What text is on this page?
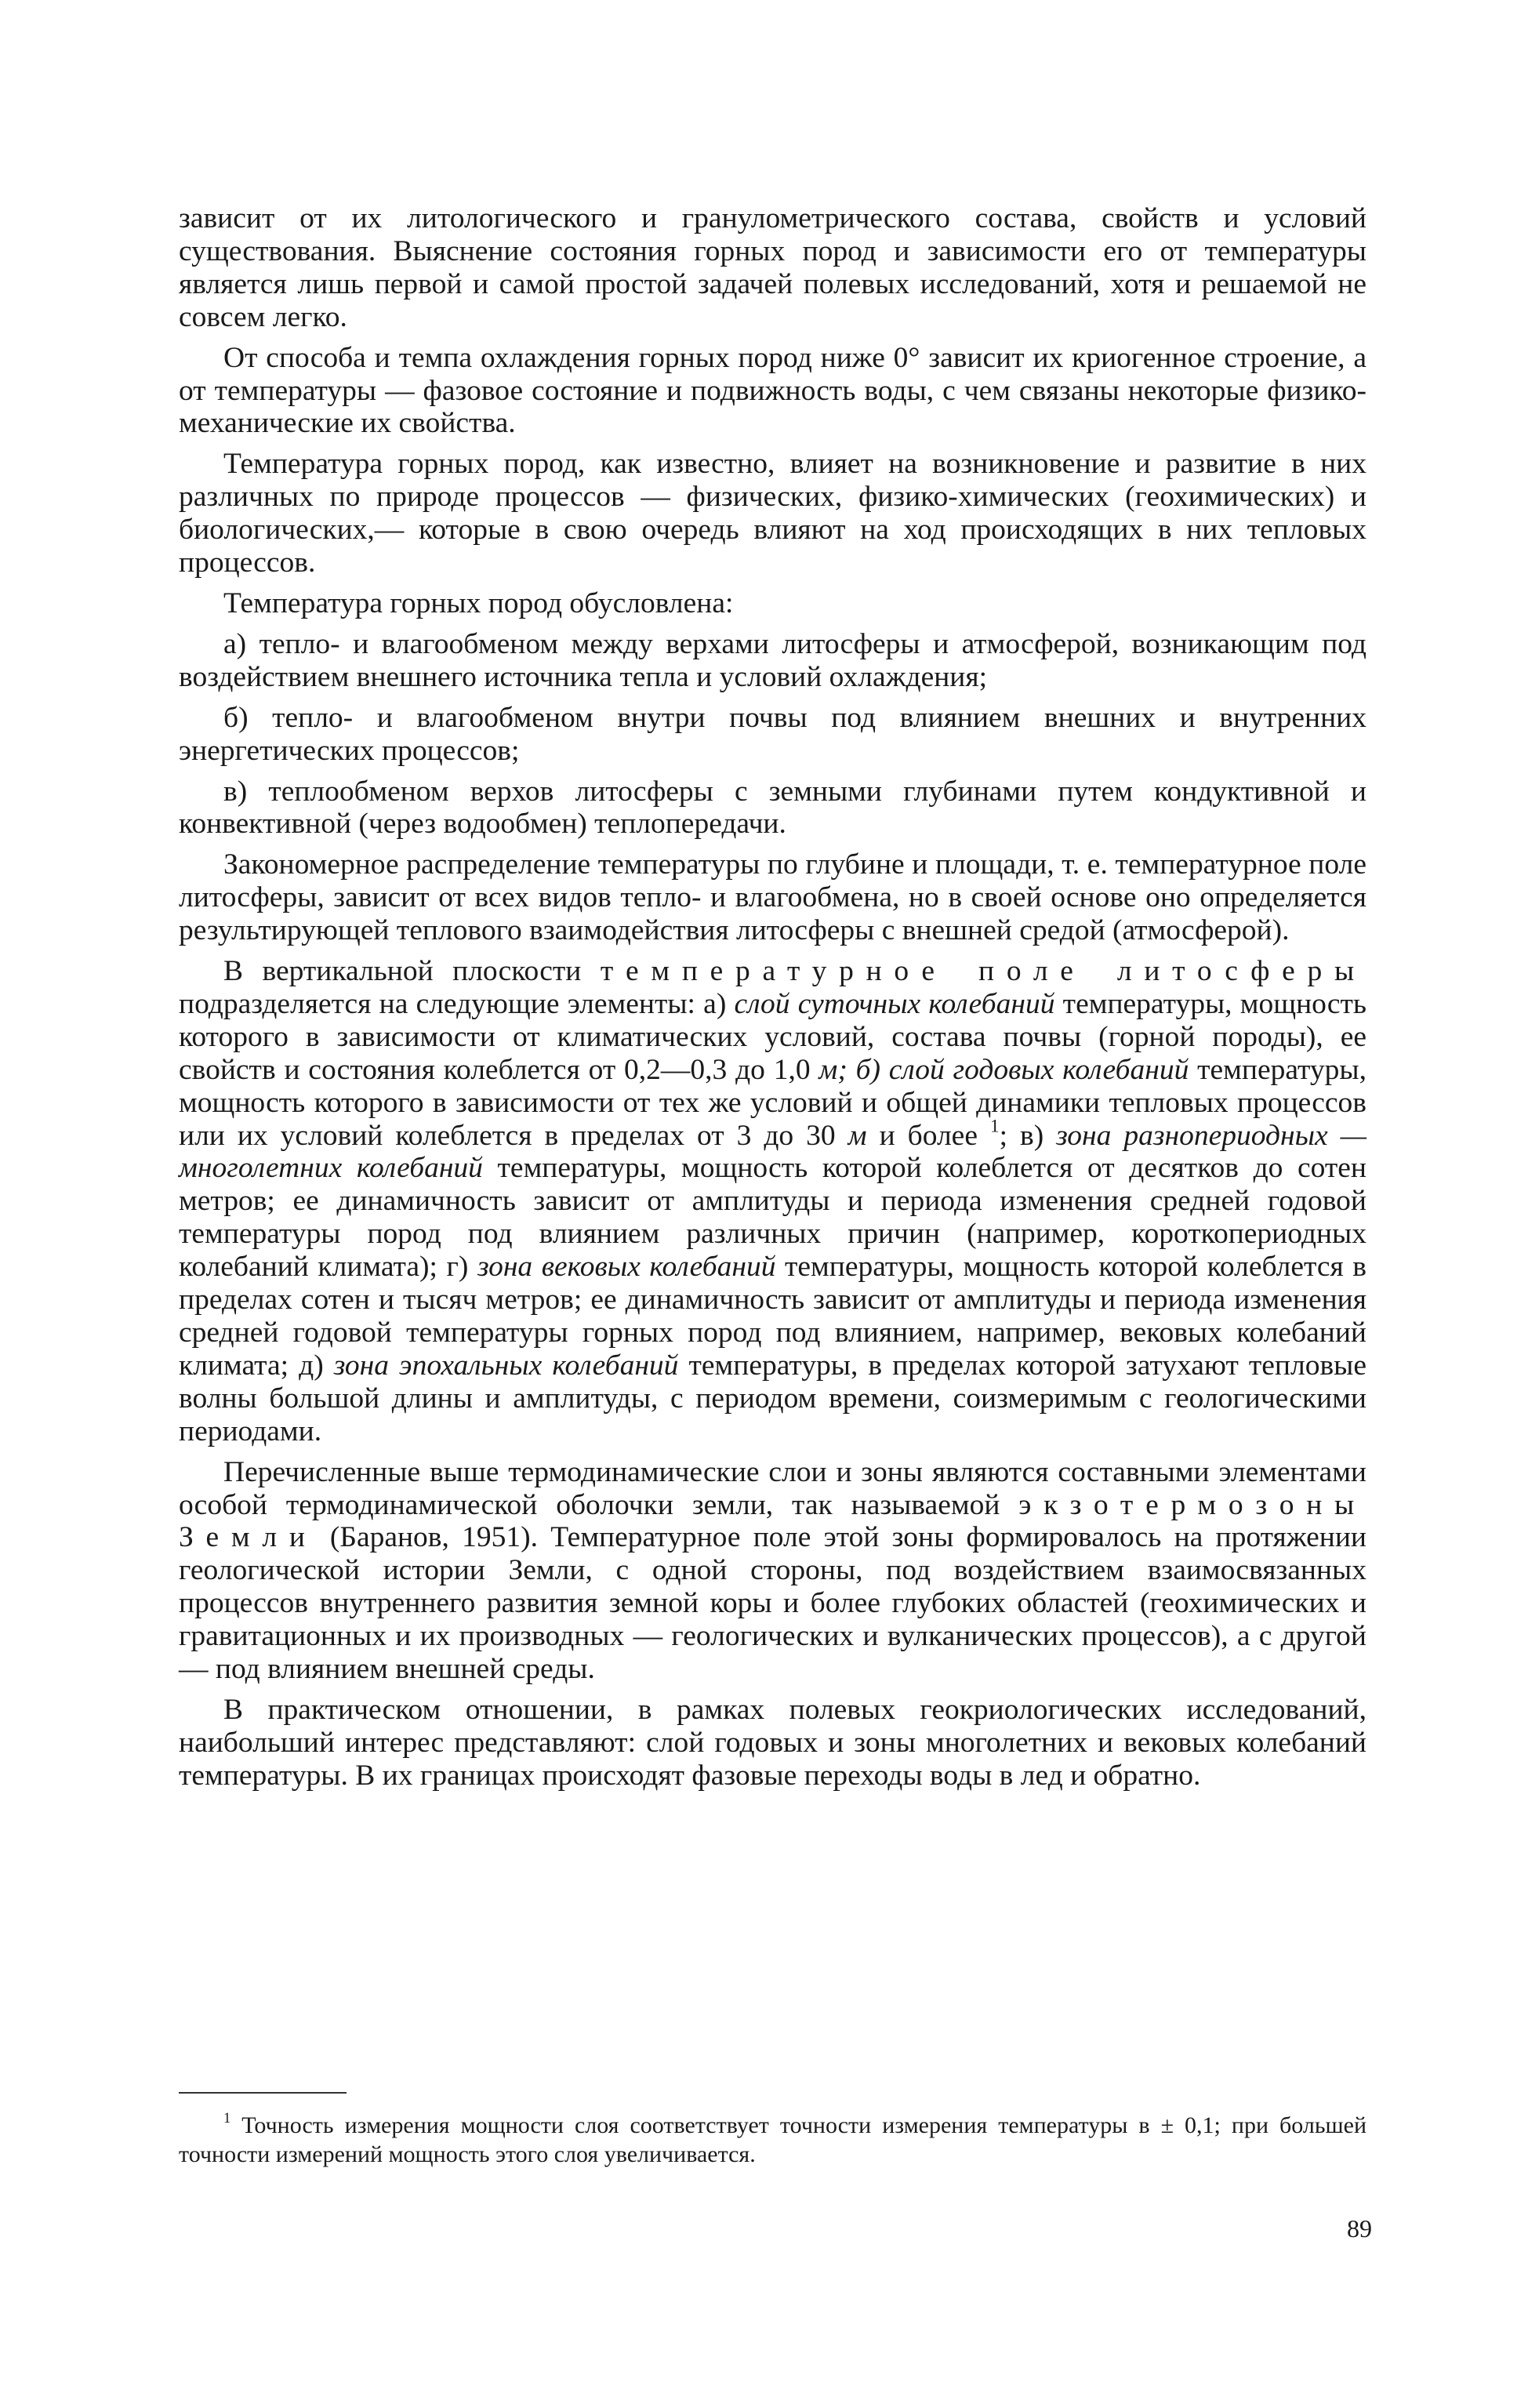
зависит от их литологического и гранулометрического состава, свойств и условий существования. Выяснение состояния горных пород и зависимости его от температуры является лишь первой и самой простой задачей полевых исследований, хотя и решаемой не совсем легко.

От способа и темпа охлаждения горных пород ниже 0° зависит их криогенное строение, а от температуры — фазовое состояние и подвижность воды, с чем связаны некоторые физико-механические их свойства.

Температура горных пород, как известно, влияет на возникновение и развитие в них различных по природе процессов — физических, физико-химических (геохимических) и биологических,— которые в свою очередь влияют на ход происходящих в них тепловых процессов.

Температура горных пород обусловлена:

а) тепло- и влагообменом между верхами литосферы и атмосферой, возникающим под воздействием внешнего источника тепла и условий охлаждения;

б) тепло- и влагообменом внутри почвы под влиянием внешних и внутренних энергетических процессов;

в) теплообменом верхов литосферы с земными глубинами путем кондуктивной и конвективной (через водообмен) теплопередачи.

Закономерное распределение температуры по глубине и площади, т. е. температурное поле литосферы, зависит от всех видов тепло- и влагообмена, но в своей основе оно определяется результирующей теплового взаимодействия литосферы с внешней средой (атмосферой).

В вертикальной плоскости температурное поле литосферы подразделяется на следующие элементы: а) слой суточных колебаний температуры, мощность которого в зависимости от климатических условий, состава почвы (горной породы), ее свойств и состояния колеблется от 0,2—0,3 до 1,0 м; б) слой годовых колебаний температуры, мощность которого в зависимости от тех же условий и общей динамики тепловых процессов или их условий колеблется в пределах от 3 до 30 м и более $^1$; в) зона разнопериодных — многолетних колебаний температуры, мощность которой колеблется от десятков до сотен метров; ее динамичность зависит от амплитуды и периода изменения средней годовой температуры пород под влиянием различных причин (например, короткопериодных колебаний климата); г) зона вековых колебаний температуры, мощность которой колеблется в пределах сотен и тысяч метров; ее динамичность зависит от амплитуды и периода изменения средней годовой температуры горных пород под влиянием, например, вековых колебаний климата; д) зона эпохальных колебаний температуры, в пределах которой затухают тепловые волны большой длины и амплитуды, с периодом времени, соизмеримым с геологическими периодами.

Перечисленные выше термодинамические слои и зоны являются составными элементами особой термодинамической оболочки земли, так называемой экзотермозоны Земли (Баранов, 1951). Температурное поле этой зоны формировалось на протяжении геологической истории Земли, с одной стороны, под воздействием взаимосвязанных процессов внутреннего развития земной коры и более глубоких областей (геохимических и гравитационных и их производных — геологических и вулканических процессов), а с другой — под влиянием внешней среды.

В практическом отношении, в рамках полевых геокриологических исследований, наибольший интерес представляют: слой годовых и зоны многолетних и вековых колебаний температуры. В их границах происходят фазовые переходы воды в лед и обратно.

$^1$ Точность измерения мощности слоя соответствует точности измерения температуры в ± 0,1; при большей точности измерений мощность этого слоя увеличивается.

89
